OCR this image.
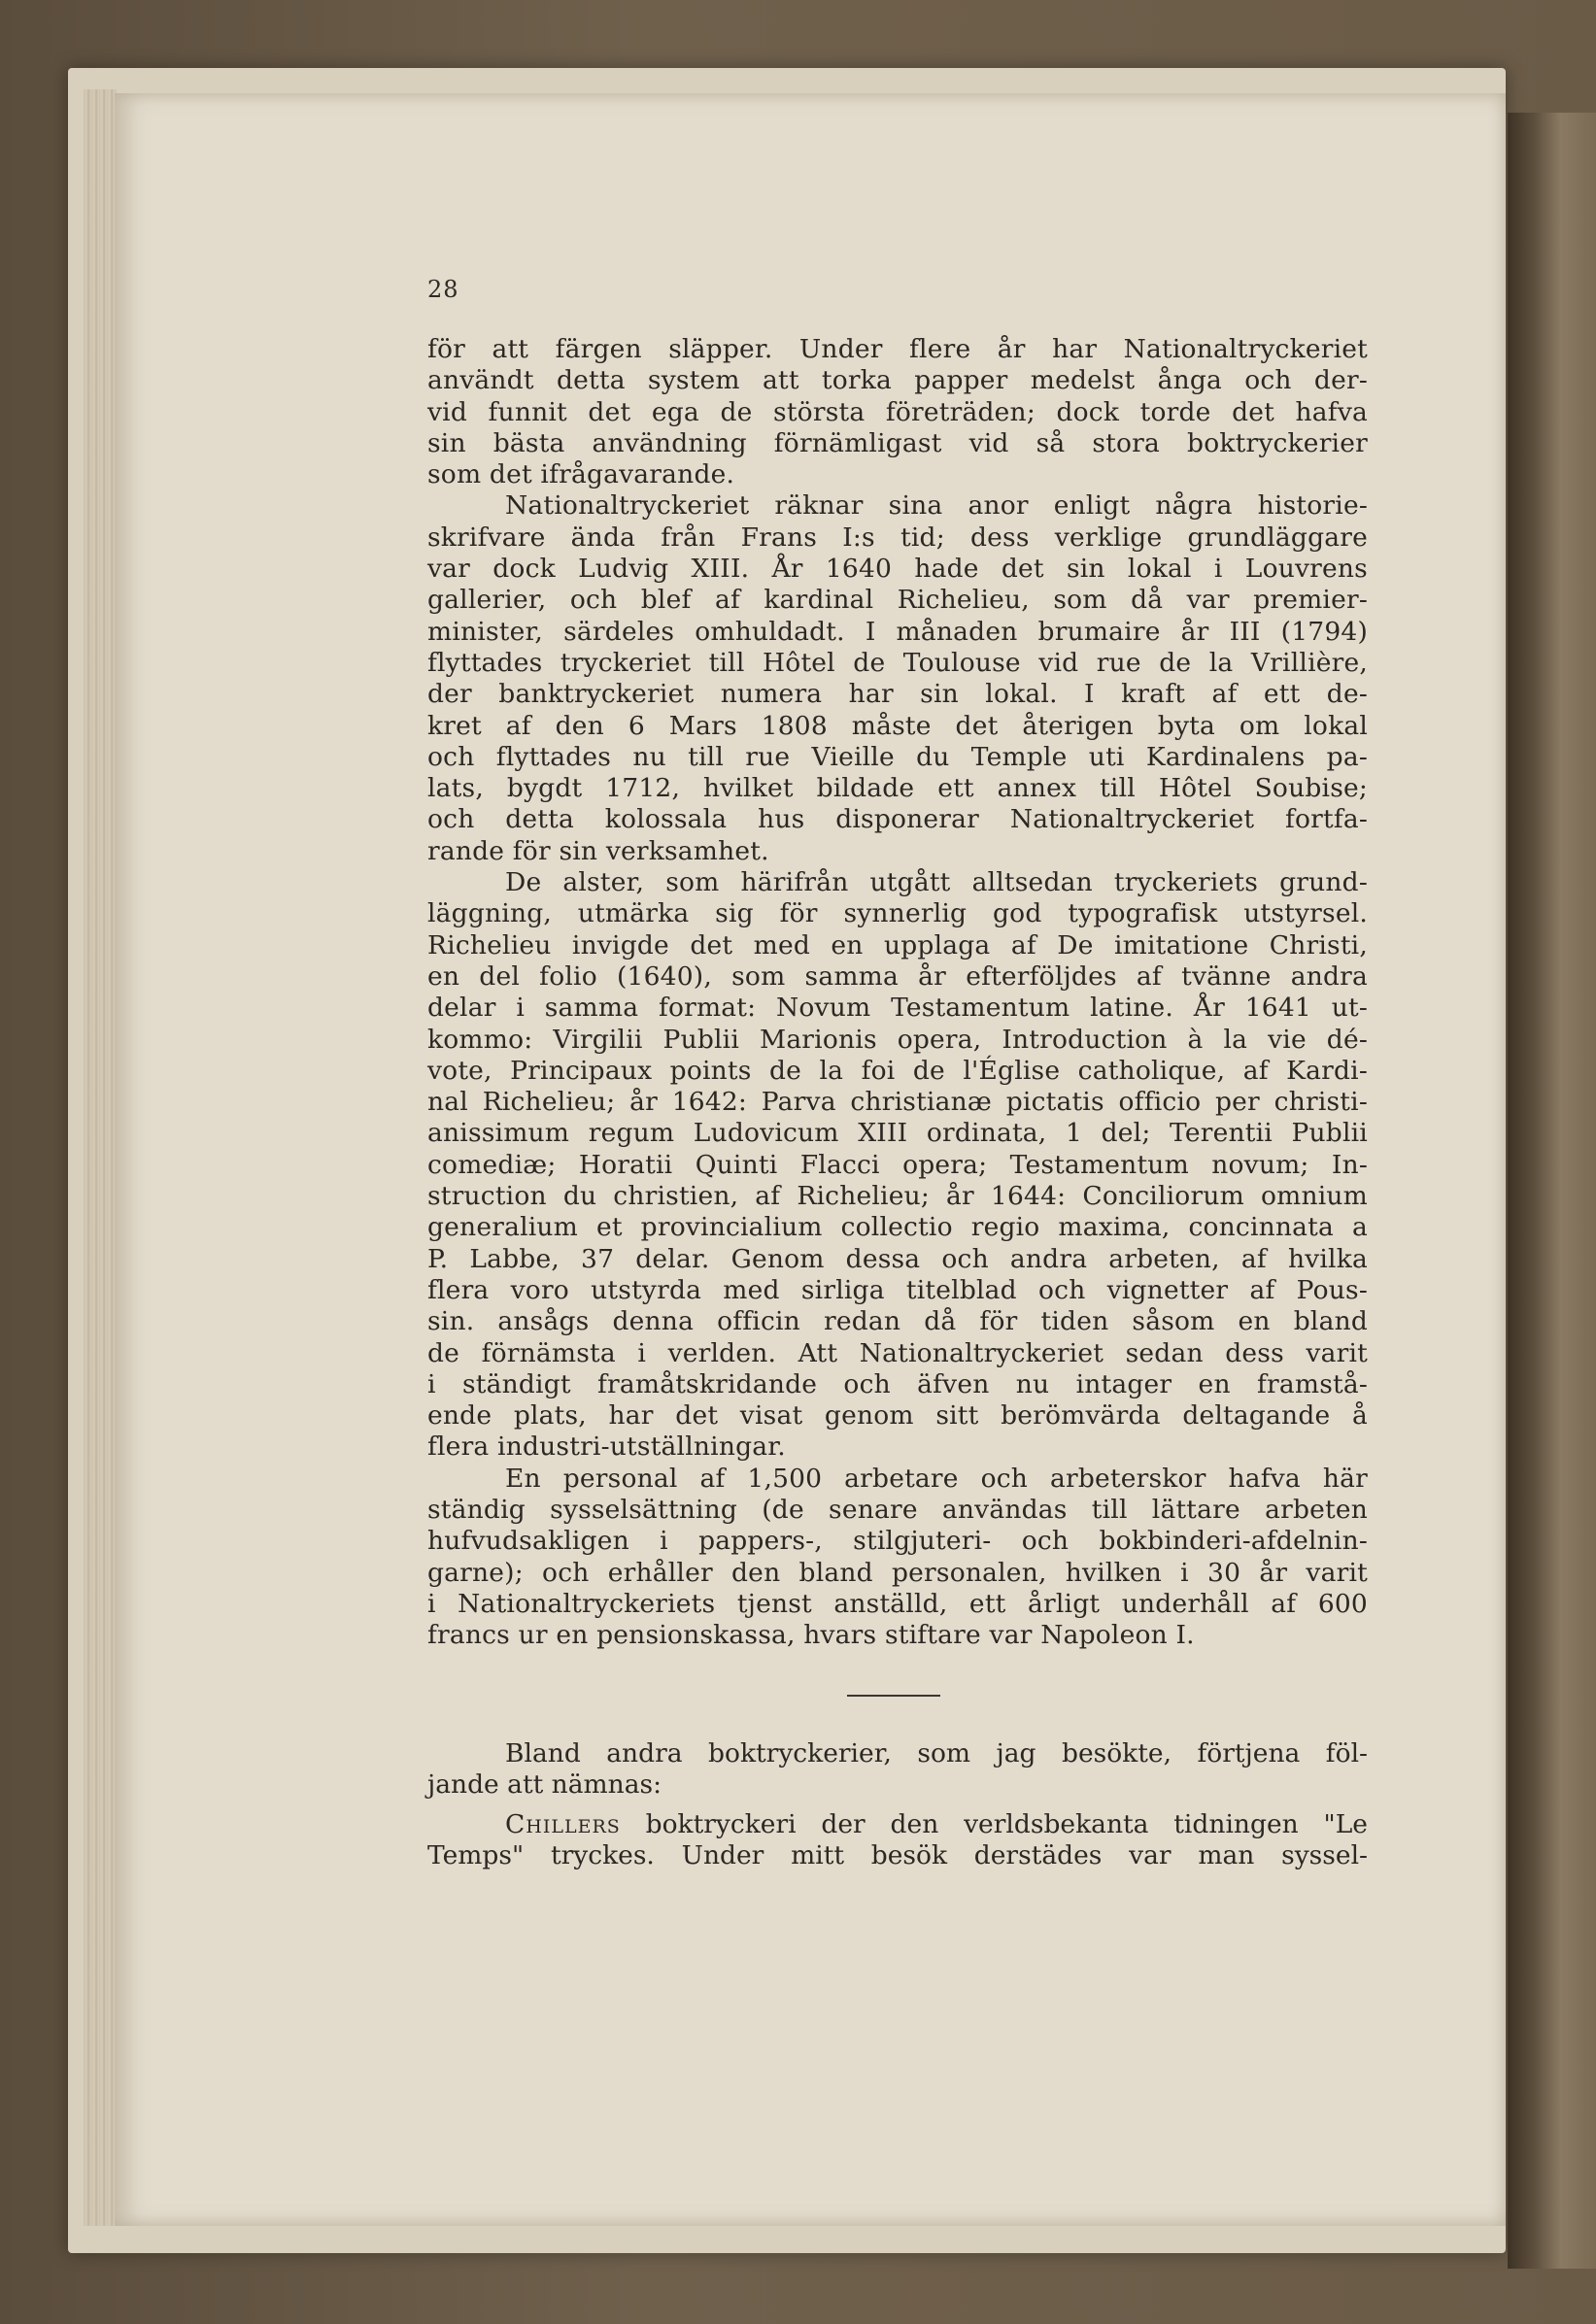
28
för att färgen släpper. Under flere år har Nationaltryckeriet
användt detta system att torka papper medelst ånga och der-
vid funnit det ega de största företräden; dock torde det hafva
sin bästa användning förnämligast vid så stora boktryckerier
som det ifrågavarande.
Nationaltryckeriet räknar sina anor enligt några historie-
skrifvare ända från Frans I:s tid; dess verklige grundläggare
var dock Ludvig XIII. År 1640 hade det sin lokal i Louvrens
gallerier, och blef af kardinal Richelieu, som då var premier-
minister, särdeles omhuldadt. I månaden brumaire år III (1794)
flyttades tryckeriet till Hôtel de Toulouse vid rue de la Vrillière,
der banktryckeriet numera har sin lokal. I kraft af ett de-
kret af den 6 Mars 1808 måste det återigen byta om lokal
och flyttades nu till rue Vieille du Temple uti Kardinalens pa-
lats, bygdt 1712, hvilket bildade ett annex till Hôtel Soubise;
och detta kolossala hus disponerar Nationaltryckeriet fortfa-
rande för sin verksamhet.
De alster, som härifrån utgått alltsedan tryckeriets grund-
läggning, utmärka sig för synnerlig god typografisk utstyrsel.
Richelieu invigde det med en upplaga af De imitatione Christi,
en del folio (1640), som samma år efterföljdes af tvänne andra
delar i samma format: Novum Testamentum latine. År 1641 ut-
kommo: Virgilii Publii Marionis opera, Introduction à la vie dé-
vote, Principaux points de la foi de l'Église catholique, af Kardi-
nal Richelieu; år 1642: Parva christianæ pictatis officio per christi-
anissimum regum Ludovicum XIII ordinata, 1 del; Terentii Publii
comediæ; Horatii Quinti Flacci opera; Testamentum novum; In-
struction du christien, af Richelieu; år 1644: Conciliorum omnium
generalium et provincialium collectio regio maxima, concinnata a
P. Labbe, 37 delar. Genom dessa och andra arbeten, af hvilka
flera voro utstyrda med sirliga titelblad och vignetter af Pous-
sin. ansågs denna officin redan då för tiden såsom en bland
de förnämsta i verlden. Att Nationaltryckeriet sedan dess varit
i ständigt framåtskridande och äfven nu intager en framstå-
ende plats, har det visat genom sitt berömvärda deltagande å
flera industri-utställningar.
En personal af 1,500 arbetare och arbeterskor hafva här
ständig sysselsättning (de senare användas till lättare arbeten
hufvudsakligen i pappers-, stilgjuteri- och bokbinderi-afdelnin-
garne); och erhåller den bland personalen, hvilken i 30 år varit
i Nationaltryckeriets tjenst anställd, ett årligt underhåll af 600
francs ur en pensionskassa, hvars stiftare var Napoleon I.
Bland andra boktryckerier, som jag besökte, förtjena föl-
jande att nämnas:
Chillers boktryckeri der den verldsbekanta tidningen "Le
Temps" tryckes. Under mitt besök derstädes var man syssel-
